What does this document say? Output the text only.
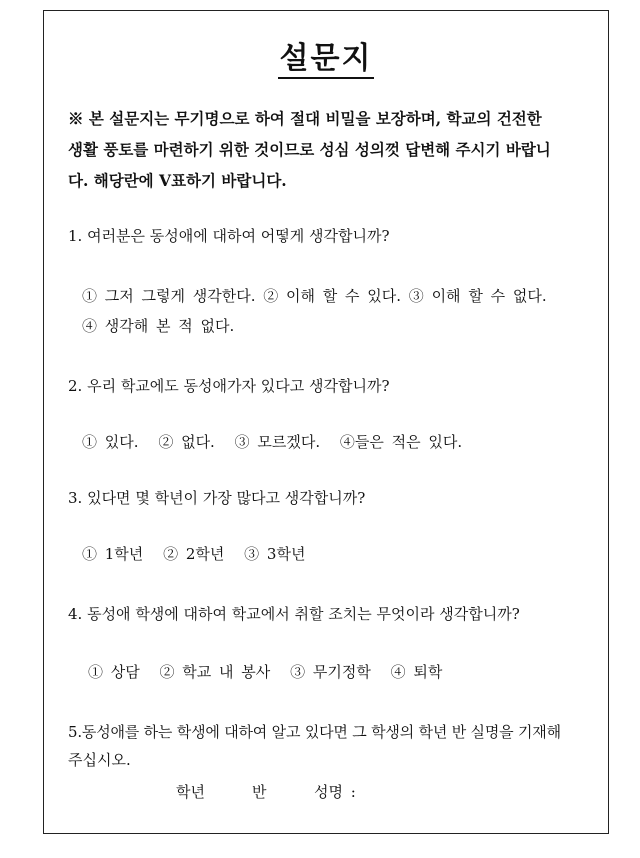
설문지
※ 본 설문지는 무기명으로 하여 절대 비밀을 보장하며, 학교의 건전한
생활 풍토를 마련하기 위한 것이므로 성심 성의껏 답변해 주시기 바랍니
다. 해당란에 V표하기 바랍니다.
1. 여러분은 동성애에 대하여 어떻게 생각합니까?
① 그저 그렇게 생각한다. ② 이해 할 수 있다. ③ 이해 할 수 없다.
④ 생각해 본 적 없다.
2. 우리 학교에도 동성애가자 있다고 생각합니까?
① 있다. ② 없다. ③ 모르겠다. ④들은 적은 있다.
3. 있다면 몇 학년이 가장 많다고 생각합니까?
① 1학년 ② 2학년 ③ 3학년
4. 동성애 학생에 대하여 학교에서 취할 조치는 무엇이라 생각합니까?
① 상담 ② 학교 내 봉사 ③ 무기정학 ④ 퇴학
5.동성애를 하는 학생에 대하여 알고 있다면 그 학생의 학년 반 실명을 기재해
주십시오.
학년	반	성명 :
